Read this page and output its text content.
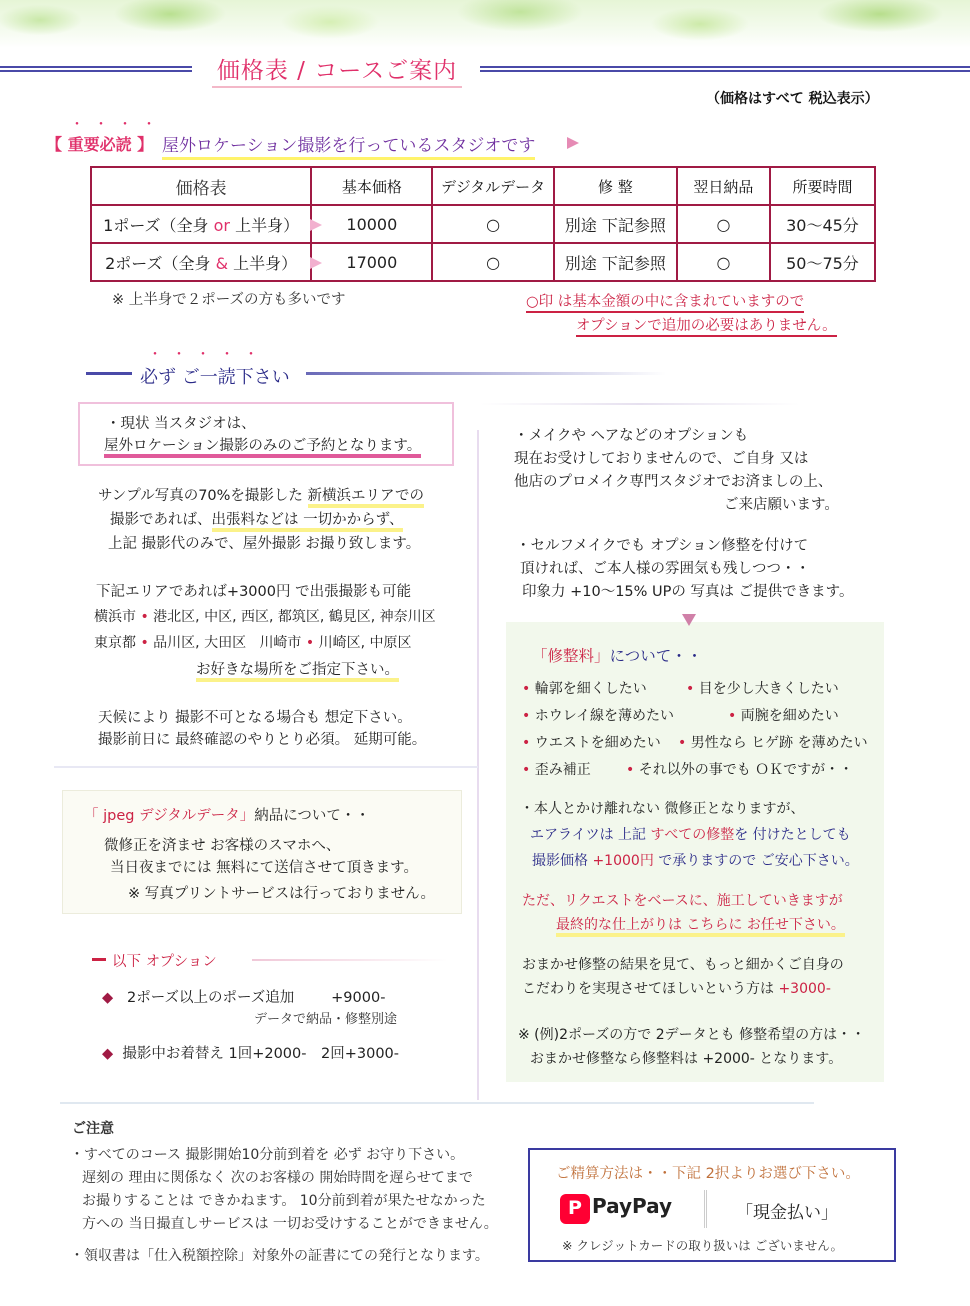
価格表 / コースご案内
（価格はすべて 税込表示）
・・・・
【 重要必読 】 屋外ロケーション撮影を行っているスタジオです
価格表	基本価格	デジタルデータ	修 整	翌日納品	所要時間
1ポーズ（全身 or 上半身）	10000	○	別途 下記参照	○	30〜45分
2ポーズ（全身 & 上半身）	17000	○	別途 下記参照	○	50〜75分
※ 上半身で２ポーズの方も多いです	○印 は基本金額の中に含まれていますので
オプションで追加の必要はありません。
・・・・・
必ず ご一読下さい
・現状 当スタジオは、
屋外ロケーション撮影のみのご予約となります。
サンプル写真の70%を撮影した 新横浜エリアでの
撮影であれば、出張料などは 一切かからず、
上記 撮影代のみで、屋外撮影 お撮り致します。
下記エリアであれば+3000円 で出張撮影も可能
横浜市 • 港北区, 中区, 西区, 都筑区, 鶴見区, 神奈川区
東京都 • 品川区, 大田区 川崎市 • 川崎区, 中原区
お好きな場所をご指定下さい。
天候により 撮影不可となる場合も 想定下さい。
撮影前日に 最終確認のやりとり必須。 延期可能。
「 jpeg デジタルデータ」納品について・・
微修正を済ませ お客様のスマホへ、
当日夜までには 無料にて送信させて頂きます。
※ 写真プリントサービスは行っておりません。
以下 オプション
◆ 2ポーズ以上のポーズ追加	+9000-
データで納品・修整別途
◆ 撮影中お着替え 1回+2000-　2回+3000-
・メイクや ヘアなどのオプションも
現在お受けしておりませんので、ご自身 又は
他店のプロメイク専門スタジオでお済ましの上、
ご来店願います。
・セルフメイクでも オプション修整を付けて
頂ければ、ご本人様の雰囲気も残しつつ・・
印象力 +10〜15% UPの 写真は ご提供できます。
「修整料」について・・
• 輪郭を細くしたい	• 目を少し大きくしたい
• ホウレイ線を薄めたい	• 両腕を細めたい
• ウエストを細めたい • 男性なら ヒゲ跡 を薄めたい
• 歪み補正	• それ以外の事でも ＯＫですが・・
・本人とかけ離れない 微修正となりますが、
エアライツは 上記 すべての修整を 付けたとしても
撮影価格 +1000円 で承りますので ご安心下さい。
ただ、リクエストをベースに、施工していきますが
最終的な仕上がりは こちらに お任せ下さい。
おまかせ修整の結果を見て、もっと細かくご自身の
こだわりを実現させてほしいという方は +3000-
※ (例)2ポーズの方で 2データとも 修整希望の方は・・
おまかせ修整なら修整料は +2000- となります。
ご注意
・すべてのコース 撮影開始10分前到着を 必ず お守り下さい。
遅刻の 理由に関係なく 次のお客様の 開始時間を遅らせてまで
お撮りすることは できかねます。 10分前到着が果たせなかった
方への 当日撮直しサービスは 一切お受けすることができません。
・領収書は「仕入税額控除」対象外の証書にての発行となります。
ご精算方法は・・下記 2択よりお選び下さい。
P
PayPay	「現金払い」
※ クレジットカードの取り扱いは ございません。
